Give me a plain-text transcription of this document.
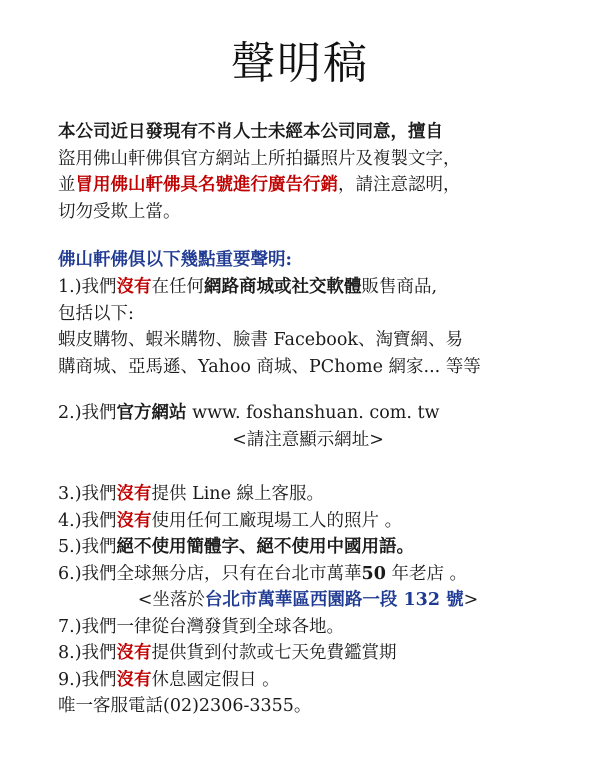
聲明稿
本公司近日發現有不肖人士未經本公司同意，擅自
盜用佛山軒佛俱官方網站上所拍攝照片及複製文字，
並冒用佛山軒佛具名號進行廣告行銷，請注意認明，
切勿受欺上當。
佛山軒佛俱以下幾點重要聲明:
1.)我們沒有在任何網路商城或社交軟體販售商品,
包括以下:
蝦皮購物、蝦米購物、臉書 Facebook、淘寶網、易
購商城、亞馬遜、Yahoo 商城、PChome 網家... 等等
2.)我們官方網站 www. foshanshuan. com. tw
<請注意顯示網址>
3.)我們沒有提供 Line 線上客服。
4.)我們沒有使用任何工廠現場工人的照片 。
5.)我們絕不使用簡體字、絕不使用中國用語。
6.)我們全球無分店，只有在台北市萬華50 年老店 。
<坐落於台北市萬華區西園路一段 132 號>
7.)我們一律從台灣發貨到全球各地。
8.)我們沒有提供貨到付款或七天免費鑑賞期
9.)我們沒有休息國定假日 。
唯一客服電話(02)2306-3355。
